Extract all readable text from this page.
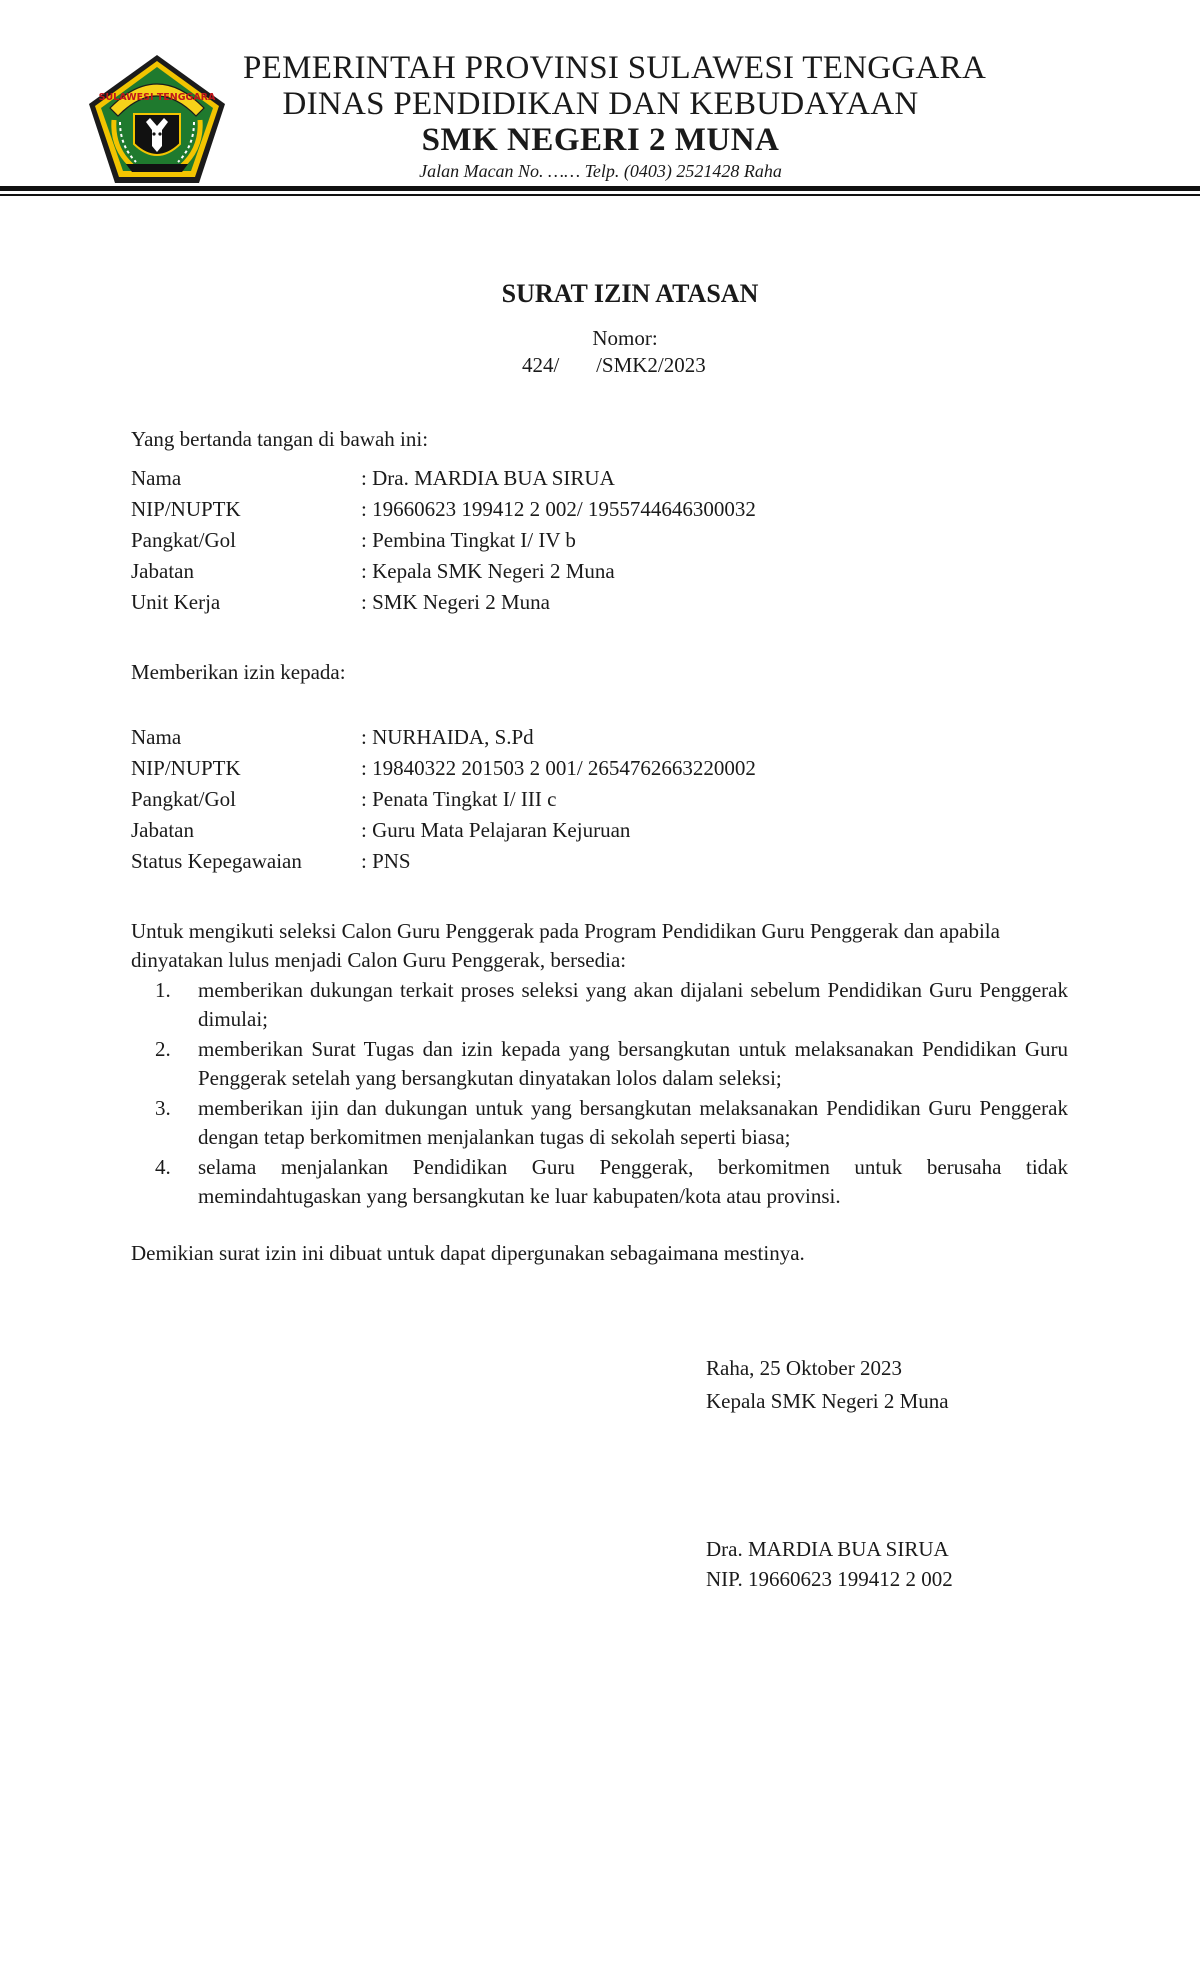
SULAWESI TENGGARA
PEMERINTAH PROVINSI SULAWESI TENGGARA
DINAS PENDIDIKAN DAN KEBUDAYAAN
SMK NEGERI 2 MUNA
Jalan Macan No. …… Telp. (0403) 2521428 Raha
SURAT IZIN ATASAN
Nomor:
424/       /SMK2/2023
Yang bertanda tangan di bawah ini:
Nama	: Dra. MARDIA BUA SIRUA
NIP/NUPTK	: 19660623 199412 2 002/ 1955744646300032
Pangkat/Gol	: Pembina Tingkat I/ IV b
Jabatan	: Kepala SMK Negeri 2 Muna
Unit Kerja	: SMK Negeri 2 Muna
Memberikan izin kepada:
Nama	: NURHAIDA, S.Pd
NIP/NUPTK	: 19840322 201503 2 001/ 2654762663220002
Pangkat/Gol	: Penata Tingkat I/ III c
Jabatan	: Guru Mata Pelajaran Kejuruan
Status Kepegawaian	: PNS
Untuk mengikuti seleksi Calon Guru Penggerak pada Program Pendidikan Guru Penggerak dan apabila dinyatakan lulus menjadi Calon Guru Penggerak, bersedia:
1. memberikan dukungan terkait proses seleksi yang akan dijalani sebelum Pendidikan Guru Penggerak dimulai;
2. memberikan Surat Tugas dan izin kepada yang bersangkutan untuk melaksanakan Pendidikan Guru Penggerak setelah yang bersangkutan dinyatakan lolos dalam seleksi;
3. memberikan ijin dan dukungan untuk yang bersangkutan melaksanakan Pendidikan Guru Penggerak dengan tetap berkomitmen menjalankan tugas di sekolah seperti biasa;
4. selama menjalankan Pendidikan Guru Penggerak, berkomitmen untuk berusaha tidak memindahtugaskan yang bersangkutan ke luar kabupaten/kota atau provinsi.
Demikian surat izin ini dibuat untuk dapat dipergunakan sebagaimana mestinya.
Raha, 25 Oktober 2023
Kepala SMK Negeri 2 Muna
Dra. MARDIA BUA SIRUA
NIP. 19660623 199412 2 002
